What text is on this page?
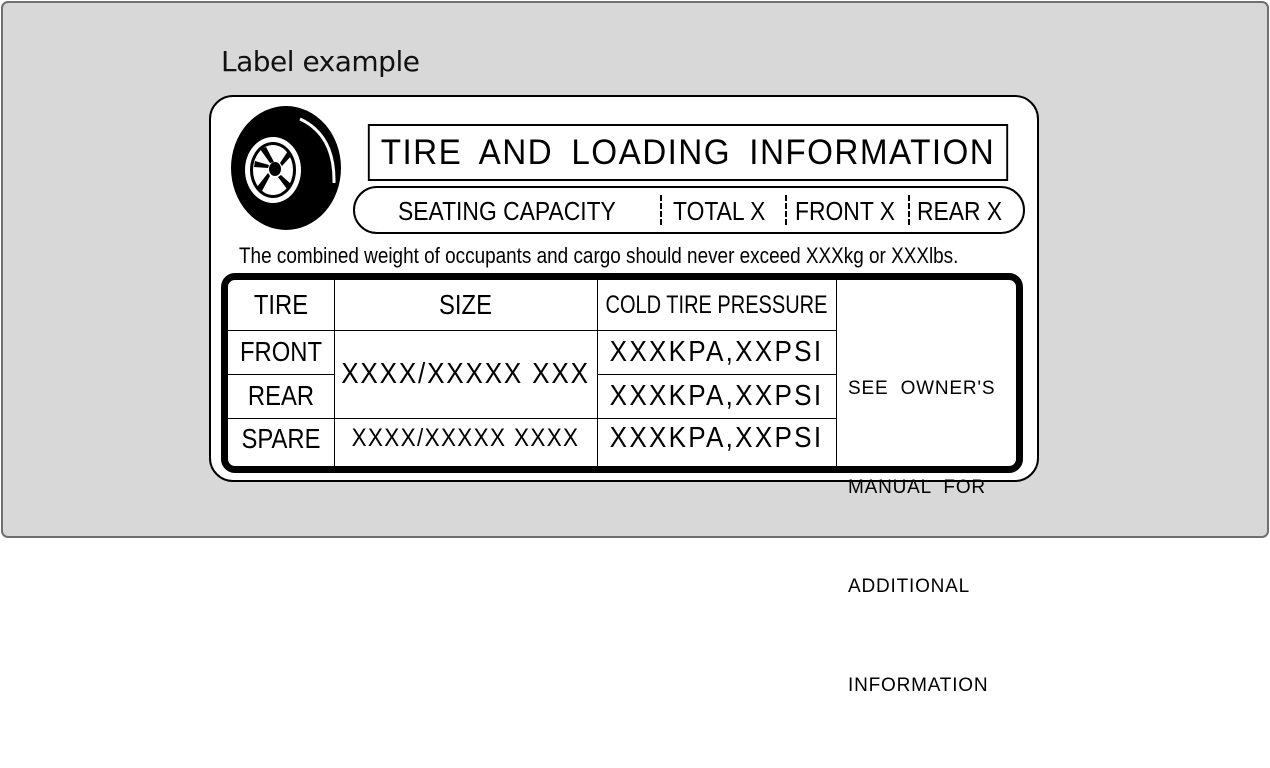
Label example
TIRE AND LOADING INFORMATION
SEATING CAPACITY TOTAL X FRONT X REAR X
The combined weight of occupants and cargo should never exceed XXXkg or XXXlbs.
TIRE	SIZE	COLD TIRE PRESSURE
FRONT
REAR
SPARE
XXXX/XXXXX XXX
XXXX/XXXXX XXXX
XXXKPA,XXPSI
XXXKPA,XXPSI
XXXKPA,XXPSI

SEE  OWNER'S

MANUAL  FOR

ADDITIONAL

INFORMATION
